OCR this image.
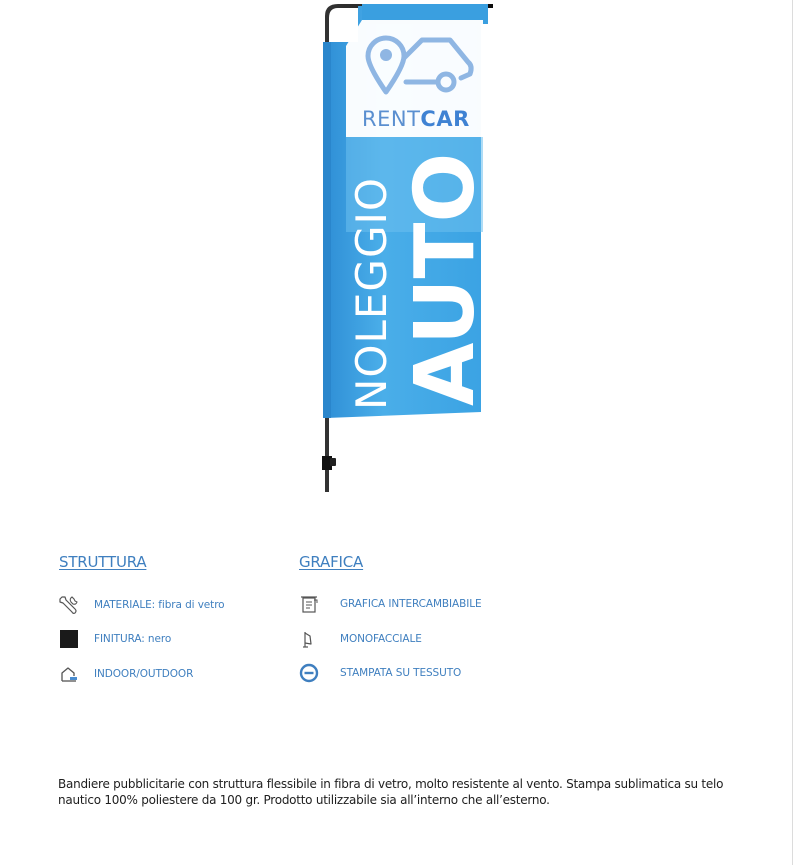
RENTCAR
NOLEGGIO AUTO
STRUTTURA
MATERIALE: fibra di vetro
FINITURA: nero
INDOOR/OUTDOOR
GRAFICA
GRAFICA INTERCAMBIABILE
MONOFACCIALE
STAMPATA SU TESSUTO

Bandiere pubblicitarie con struttura flessibile in fibra di vetro, molto resistente al vento. Stampa sublimatica su telo nautico 100% poliestere da 100 gr. Prodotto utilizzabile sia all’interno che all’esterno.
